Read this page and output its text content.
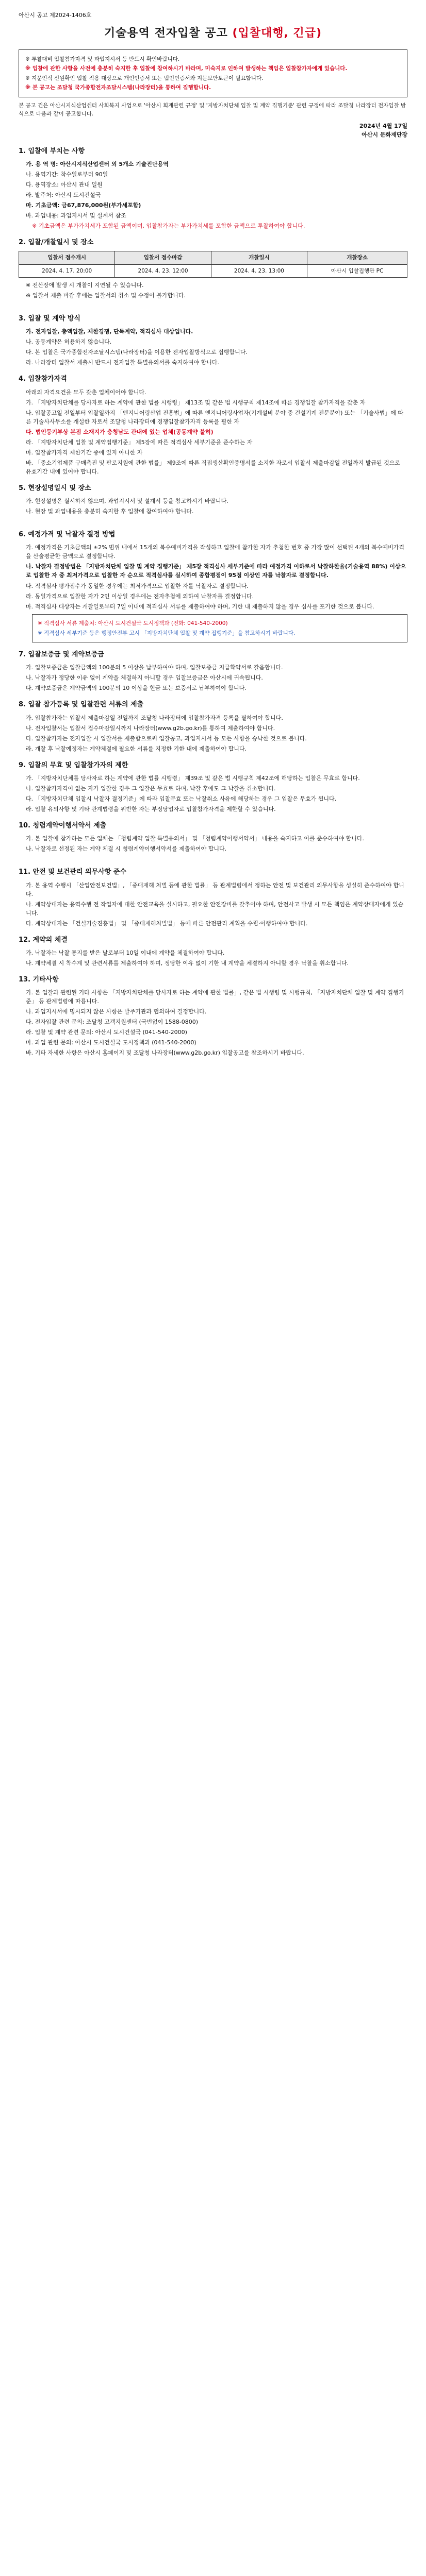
아산시 공고 제2024-1406호

기술용역 전자입찰 공고 (입찰대행, 긴급)

※ 투찰대비 입찰참가자격 및 과업지시서 등 반드시 확인바랍니다.

※ 입찰에 관한 사항을 사전에 충분히 숙지한 후 입찰에 참여하시기 바라며, 미숙지로 인하여 발생하는 책임은 입찰참가자에게 있습니다.

※ 지문인식 신원확인 입찰 적용 대상으로 개인인증서 또는 법인인증서와 지문보안토큰이 필요합니다.

※ 본 공고는 조달청 국가종합전자조달시스템(나라장터)을 통하여 집행합니다.

본 공고 건은 아산시지식산업센터 사회복지 사업으로 '아산시 회계관련 규정' 및 '지방자치단체 입찰 및 계약 집행기준' 관련 규정에 따라 조달청 나라장터 전자입찰 방식으로 다음과 같이 공고합니다.

2024년 4월 17일
아산시 문화재단장
1. 입찰에 부치는 사항

가. 용 역 명: 아산시지식산업센터 외 5개소 기술진단용역

나. 용역기간: 착수일로부터 90일

다. 용역장소: 아산시 관내 일원

라. 발주처: 아산시 도시건설국

마. 기초금액: 금67,876,000원(부가세포함)

바. 과업내용: 과업지시서 및 설계서 참조

※ 기초금액은 부가가치세가 포함된 금액이며, 입찰참가자는 부가가치세를 포함한 금액으로 투찰하여야 합니다.

2. 입찰/개찰일시 및 장소
입찰서 접수개시	입찰서 접수마감	개찰일시	개찰장소
2024. 4. 17. 20:00	2024. 4. 23. 12:00	2024. 4. 23. 13:00	아산시 입찰집행관 PC

※ 전산장애 발생 시 개찰이 지연될 수 있습니다.

※ 입찰서 제출 마감 후에는 입찰서의 취소 및 수정이 불가합니다.

3. 입찰 및 계약 방식

가. 전자입찰, 총액입찰, 제한경쟁, 단독계약, 적격심사 대상입니다.

나. 공동계약은 허용하지 않습니다.

다. 본 입찰은 국가종합전자조달시스템(나라장터)을 이용한 전자입찰방식으로 집행합니다.

라. 나라장터 입찰서 제출시 반드시 전자입찰 특별유의서를 숙지하여야 합니다.

4. 입찰참가자격

아래의 자격요건을 모두 갖춘 업체이어야 합니다.

가. 「지방자치단체를 당사자로 하는 계약에 관한 법률 시행령」 제13조 및 같은 법 시행규칙 제14조에 따른 경쟁입찰 참가자격을 갖춘 자

나. 입찰공고일 전일부터 입찰일까지 「엔지니어링산업 진흥법」에 따른 엔지니어링사업자(기계설비 분야 중 건설기계 전문분야) 또는 「기술사법」에 따른 기술사사무소를 개설한 자로서 조달청 나라장터에 경쟁입찰참가자격 등록을 필한 자

다. 법인등기부상 본점 소재지가 충청남도 관내에 있는 업체(공동계약 불허)

라. 「지방자치단체 입찰 및 계약집행기준」 제5장에 따른 적격심사 세부기준을 준수하는 자

마. 입찰참가자격 제한기간 중에 있지 아니한 자

바. 「중소기업제품 구매촉진 및 판로지원에 관한 법률」 제9조에 따른 직접생산확인증명서를 소지한 자로서 입찰서 제출마감일 전일까지 발급된 것으로 유효기간 내에 있어야 합니다.

5. 현장설명일시 및 장소

가. 현장설명은 실시하지 않으며, 과업지시서 및 설계서 등을 참고하시기 바랍니다.

나. 현장 및 과업내용을 충분히 숙지한 후 입찰에 참여하여야 합니다.

6. 예정가격 및 낙찰자 결정 방법

가. 예정가격은 기초금액의 ±2% 범위 내에서 15개의 복수예비가격을 작성하고 입찰에 참가한 자가 추첨한 번호 중 가장 많이 선택된 4개의 복수예비가격을 산술평균한 금액으로 결정합니다.

나. 낙찰자 결정방법은 「지방자치단체 입찰 및 계약 집행기준」 제5장 적격심사 세부기준에 따라 예정가격 이하로서 낙찰하한율(기술용역 88%) 이상으로 입찰한 자 중 최저가격으로 입찰한 자 순으로 적격심사를 실시하여 종합평점이 95점 이상인 자를 낙찰자로 결정합니다.

다. 적격심사 평가점수가 동일한 경우에는 최저가격으로 입찰한 자를 낙찰자로 결정합니다.

라. 동일가격으로 입찰한 자가 2인 이상일 경우에는 전자추첨에 의하여 낙찰자를 결정합니다.

마. 적격심사 대상자는 개찰일로부터 7일 이내에 적격심사 서류를 제출하여야 하며, 기한 내 제출하지 않을 경우 심사를 포기한 것으로 봅니다.

※ 적격심사 서류 제출처: 아산시 도시건설국 도시정책과 (전화: 041-540-2000)

※ 적격심사 세부기준 등은 행정안전부 고시 「지방자치단체 입찰 및 계약 집행기준」을 참고하시기 바랍니다.

7. 입찰보증금 및 계약보증금

가. 입찰보증금은 입찰금액의 100분의 5 이상을 납부하여야 하며, 입찰보증금 지급확약서로 갈음합니다.

나. 낙찰자가 정당한 이유 없이 계약을 체결하지 아니할 경우 입찰보증금은 아산시에 귀속됩니다.

다. 계약보증금은 계약금액의 100분의 10 이상을 현금 또는 보증서로 납부하여야 합니다.

8. 입찰 참가등록 및 입찰관련 서류의 제출

가. 입찰참가자는 입찰서 제출마감일 전일까지 조달청 나라장터에 입찰참가자격 등록을 필하여야 합니다.

나. 전자입찰서는 입찰서 접수마감일시까지 나라장터(www.g2b.go.kr)를 통하여 제출하여야 합니다.

다. 입찰참가자는 전자입찰 시 입찰서를 제출함으로써 입찰공고, 과업지시서 등 모든 사항을 승낙한 것으로 봅니다.

라. 개찰 후 낙찰예정자는 계약체결에 필요한 서류를 지정한 기한 내에 제출하여야 합니다.

9. 입찰의 무효 및 입찰참가자의 제한

가. 「지방자치단체를 당사자로 하는 계약에 관한 법률 시행령」 제39조 및 같은 법 시행규칙 제42조에 해당하는 입찰은 무효로 합니다.

나. 입찰참가자격이 없는 자가 입찰한 경우 그 입찰은 무효로 하며, 낙찰 후에도 그 낙찰을 취소합니다.

다. 「지방자치단체 입찰시 낙찰자 결정기준」에 따라 입찰무효 또는 낙찰취소 사유에 해당하는 경우 그 입찰은 무효가 됩니다.

라. 입찰 유의사항 및 기타 관계법령을 위반한 자는 부정당업자로 입찰참가자격을 제한할 수 있습니다.

10. 청렴계약이행서약서 제출

가. 본 입찰에 참가하는 모든 업체는 「청렴계약 입찰 특별유의서」 및 「청렴계약이행서약서」 내용을 숙지하고 이를 준수하여야 합니다.

나. 낙찰자로 선정된 자는 계약 체결 시 청렴계약이행서약서를 제출하여야 합니다.

11. 안전 및 보건관리 의무사항 준수

가. 본 용역 수행시 「산업안전보건법」, 「중대재해 처벌 등에 관한 법률」 등 관계법령에서 정하는 안전 및 보건관리 의무사항을 성실히 준수하여야 합니다.

나. 계약상대자는 용역수행 전 작업자에 대한 안전교육을 실시하고, 필요한 안전장비를 갖추어야 하며, 안전사고 발생 시 모든 책임은 계약상대자에게 있습니다.

다. 계약상대자는 「건설기술진흥법」 및 「중대재해처벌법」 등에 따른 안전관리 계획을 수립·이행하여야 합니다.

12. 계약의 체결

가. 낙찰자는 낙찰 통지를 받은 날로부터 10일 이내에 계약을 체결하여야 합니다.

나. 계약체결 시 착수계 및 관련서류를 제출하여야 하며, 정당한 이유 없이 기한 내 계약을 체결하지 아니할 경우 낙찰을 취소합니다.

13. 기타사항

가. 본 입찰과 관련된 기타 사항은 「지방자치단체를 당사자로 하는 계약에 관한 법률」, 같은 법 시행령 및 시행규칙, 「지방자치단체 입찰 및 계약 집행기준」 등 관계법령에 따릅니다.

나. 과업지시서에 명시되지 않은 사항은 발주기관과 협의하여 결정합니다.

다. 전자입찰 관련 문의: 조달청 고객지원센터 (국번없이 1588-0800)

라. 입찰 및 계약 관련 문의: 아산시 도시건설국 (041-540-2000)

마. 과업 관련 문의: 아산시 도시건설국 도시정책과 (041-540-2000)

바. 기타 자세한 사항은 아산시 홈페이지 및 조달청 나라장터(www.g2b.go.kr) 입찰공고를 참조하시기 바랍니다.
